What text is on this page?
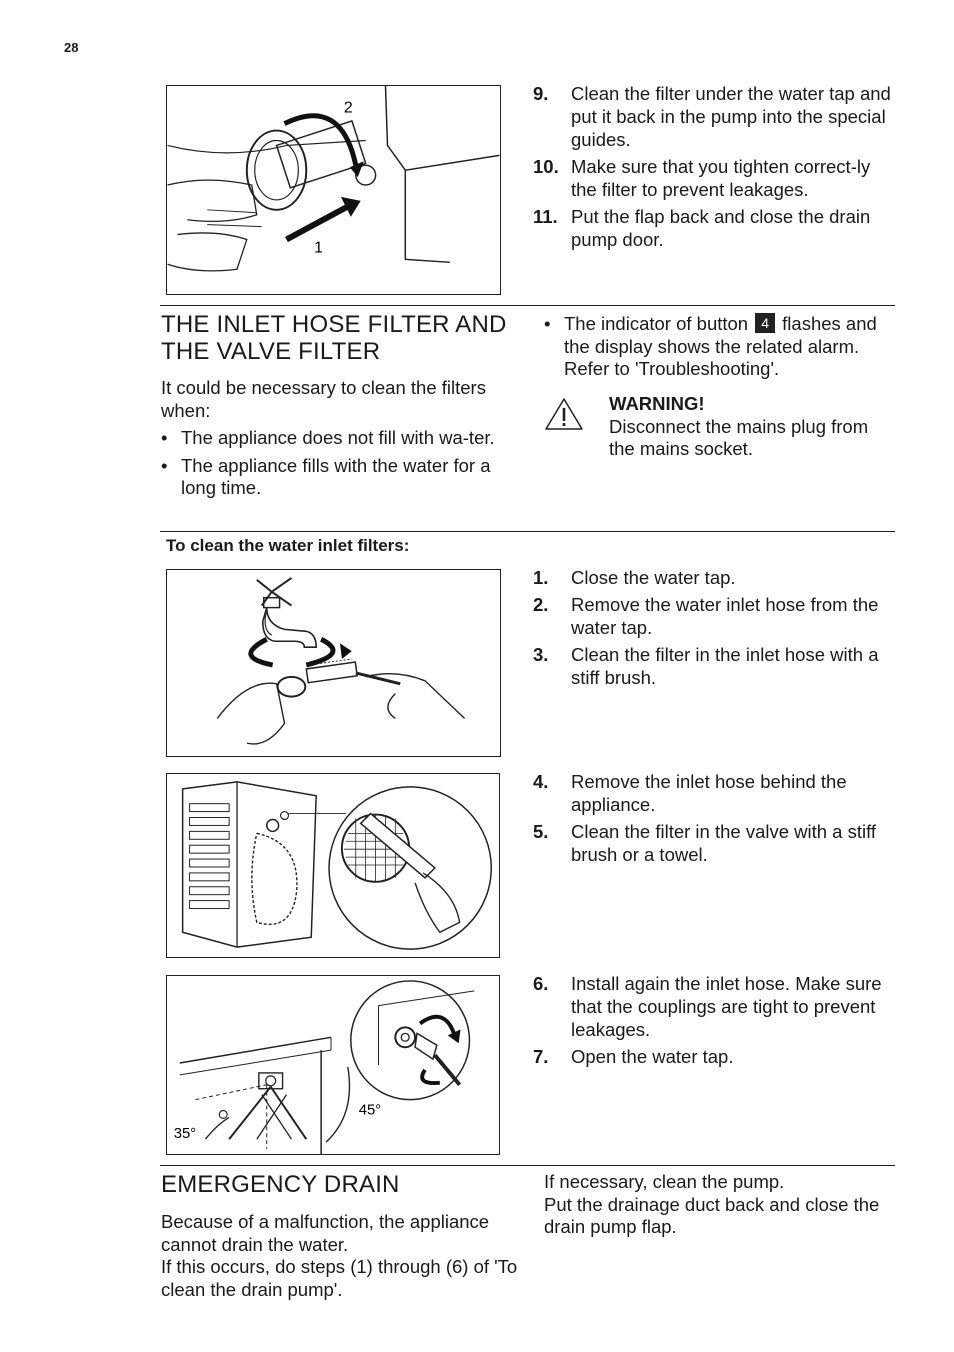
28
2
1
9.	Clean the filter under the water tap and put it back in the pump into the special guides.
10. Make sure that you tighten correct-ly the filter to prevent leakages.
11. Put the flap back and close the drain pump door.
THE INLET HOSE FILTER AND
THE VALVE FILTER

It could be necessary to clean the filters when:

• The appliance does not fill with wa-ter.
• The appliance fills with the water for a long time.
• The indicator of button 4 flashes and the display shows the related alarm. Refer to 'Troubleshooting'.
WARNING!
Disconnect the mains plug from the mains socket.
To clean the water inlet filters:
1.	Close the water tap.
2.	Remove the water inlet hose from the water tap.
3.	Clean the filter in the inlet hose with a stiff brush.
4.	Remove the inlet hose behind the appliance.
5.	Clean the filter in the valve with a stiff brush or a towel.
35°
45°
6.	Install again the inlet hose. Make sure that the couplings are tight to prevent leakages.
7.	Open the water tap.
EMERGENCY DRAIN

Because of a malfunction, the appliance cannot drain the water.

If this occurs, do steps (1) through (6) of 'To clean the drain pump'.

If necessary, clean the pump.

Put the drainage duct back and close the drain pump flap.
